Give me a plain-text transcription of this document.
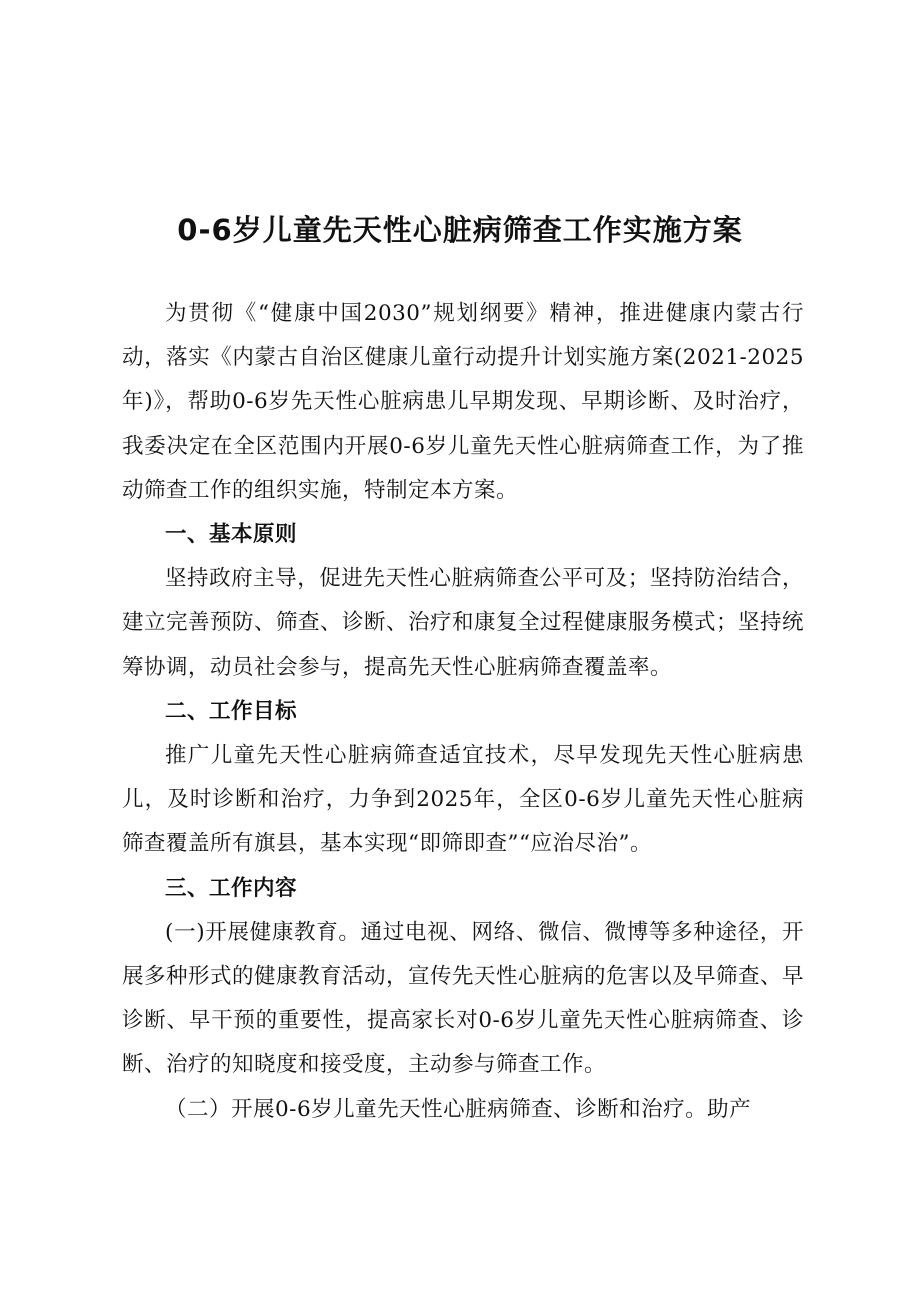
0-6岁儿童先天性心脏病筛查工作实施方案

为贯彻《“健康中国2030”规划纲要》精神，推进健康内蒙古行动，落实《内蒙古自治区健康儿童行动提升计划实施方案(2021-2025年)》，帮助0-6岁先天性心脏病患儿早期发现、早期诊断、及时治疗，我委决定在全区范围内开展0-6岁儿童先天性心脏病筛查工作，为了推动筛查工作的组织实施，特制定本方案。

一、基本原则

坚持政府主导，促进先天性心脏病筛查公平可及；坚持防治结合，建立完善预防、筛查、诊断、治疗和康复全过程健康服务模式；坚持统筹协调，动员社会参与，提高先天性心脏病筛查覆盖率。

二、工作目标

推广儿童先天性心脏病筛查适宜技术，尽早发现先天性心脏病患儿，及时诊断和治疗，力争到2025年，全区0-6岁儿童先天性心脏病筛查覆盖所有旗县，基本实现“即筛即查”“应治尽治”。

三、工作内容

(一)开展健康教育。通过电视、网络、微信、微博等多种途径，开展多种形式的健康教育活动，宣传先天性心脏病的危害以及早筛查、早诊断、早干预的重要性，提高家长对0-6岁儿童先天性心脏病筛查、诊断、治疗的知晓度和接受度，主动参与筛查工作。

（二）开展0-6岁儿童先天性心脏病筛查、诊断和治疗。助产
